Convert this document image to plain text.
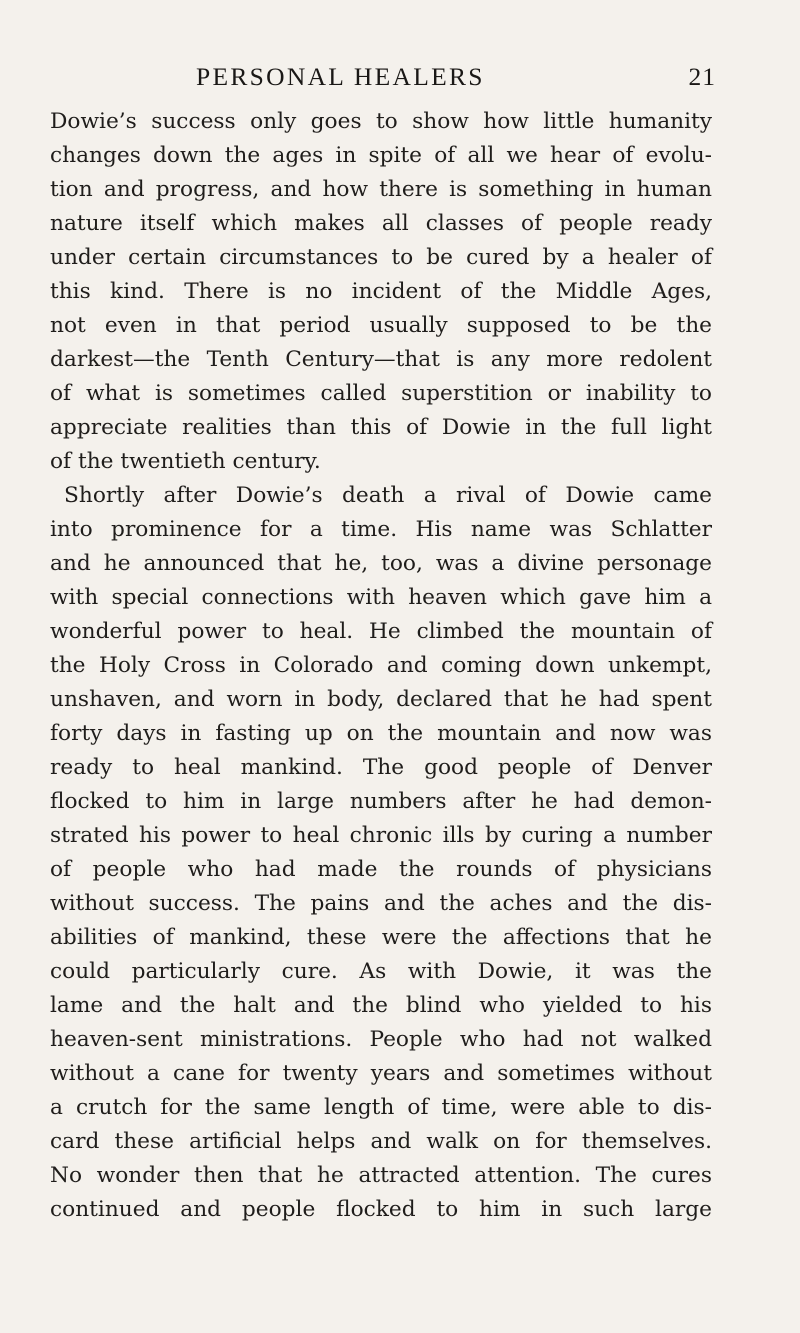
PERSONAL HEALERS	21
Dowie’s success only goes to show how little humanity
changes down the ages in spite of all we hear of evolu-
tion and progress, and how there is something in human
nature itself which makes all classes of people ready
under certain circumstances to be cured by a healer of
this kind. There is no incident of the Middle Ages,
not even in that period usually supposed to be the
darkest—the Tenth Century—that is any more redolent
of what is sometimes called superstition or inability to
appreciate realities than this of Dowie in the full light
of the twentieth century.
Shortly after Dowie’s death a rival of Dowie came
into prominence for a time. His name was Schlatter
and he announced that he, too, was a divine personage
with special connections with heaven which gave him a
wonderful power to heal. He climbed the mountain of
the Holy Cross in Colorado and coming down unkempt,
unshaven, and worn in body, declared that he had spent
forty days in fasting up on the mountain and now was
ready to heal mankind. The good people of Denver
flocked to him in large numbers after he had demon-
strated his power to heal chronic ills by curing a number
of people who had made the rounds of physicians
without success. The pains and the aches and the dis-
abilities of mankind, these were the affections that he
could particularly cure. As with Dowie, it was the
lame and the halt and the blind who yielded to his
heaven-sent ministrations. People who had not walked
without a cane for twenty years and sometimes without
a crutch for the same length of time, were able to dis-
card these artificial helps and walk on for themselves.
No wonder then that he attracted attention. The cures
continued and people flocked to him in such large
